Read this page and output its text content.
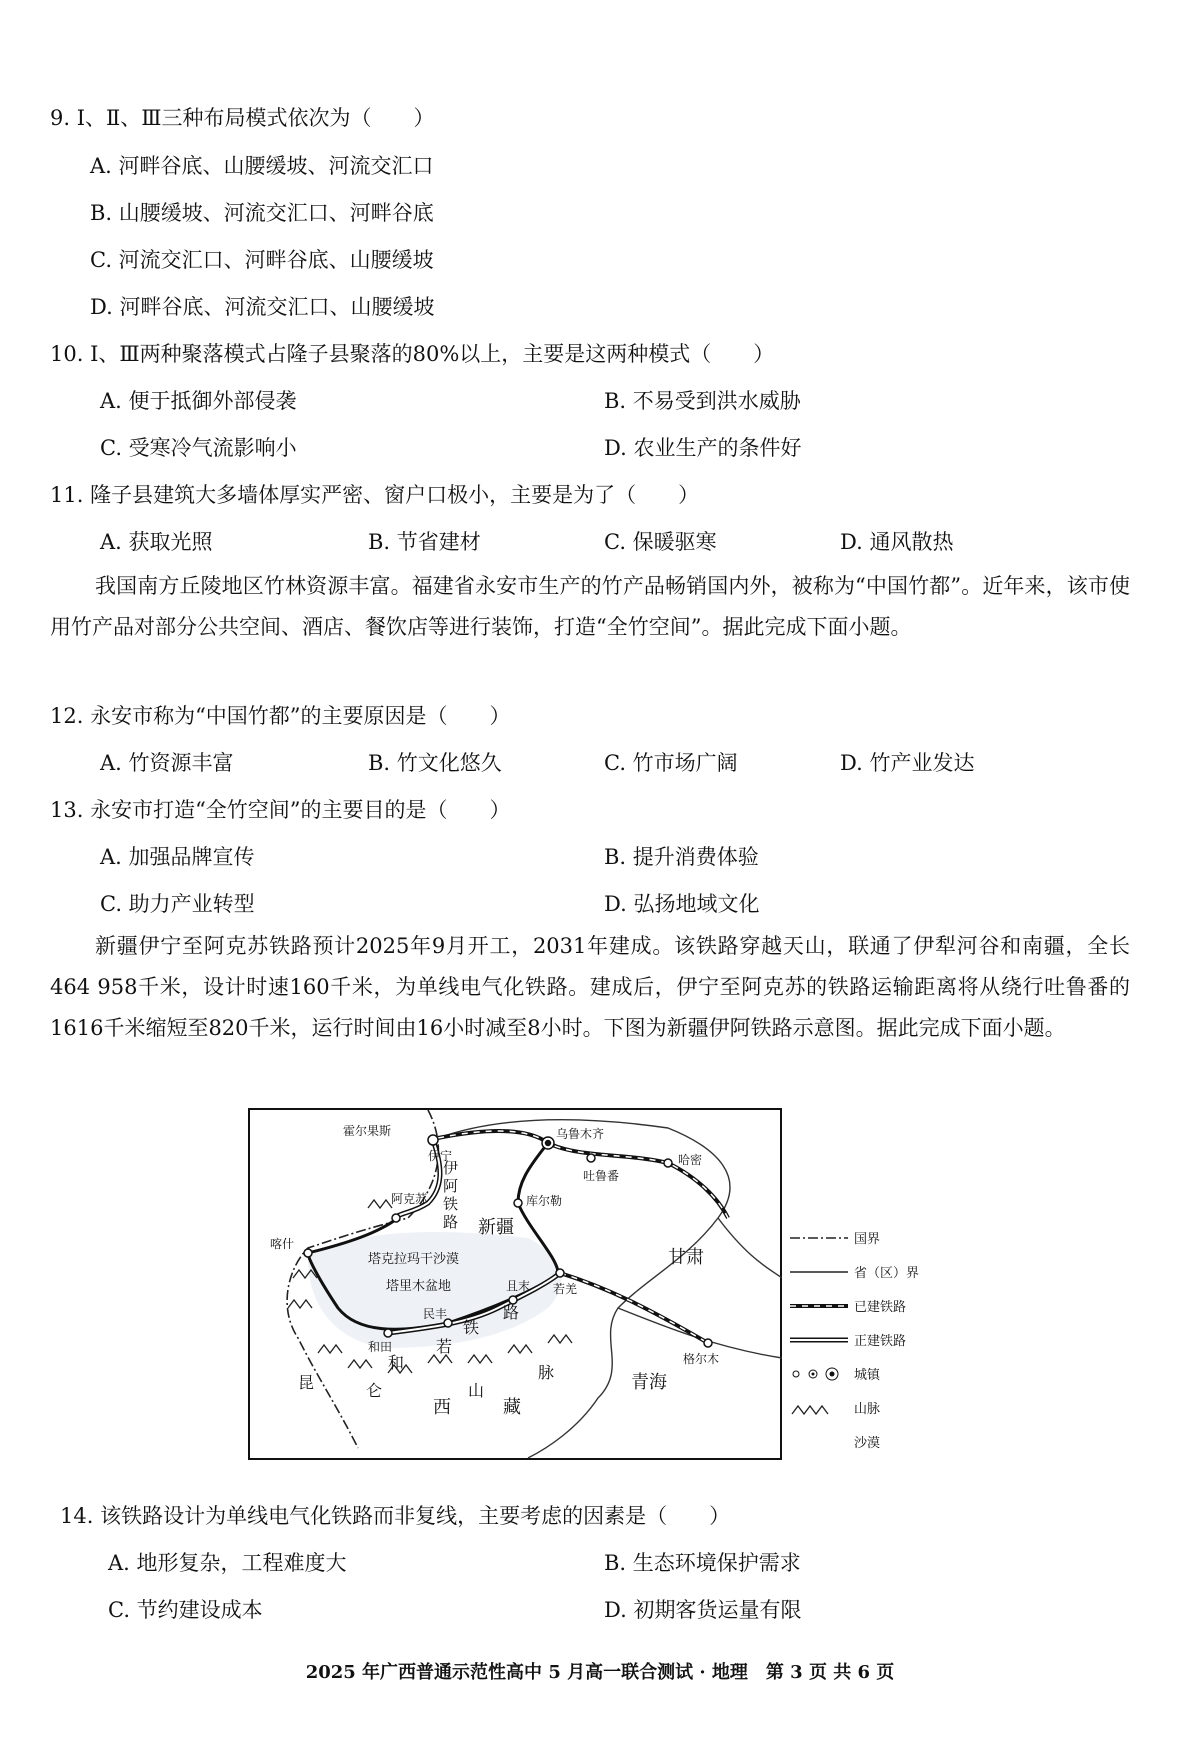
9. Ⅰ、Ⅱ、Ⅲ三种布局模式依次为（　　）
A. 河畔谷底、山腰缓坡、河流交汇口
B. 山腰缓坡、河流交汇口、河畔谷底
C. 河流交汇口、河畔谷底、山腰缓坡
D. 河畔谷底、河流交汇口、山腰缓坡
10. Ⅰ、Ⅲ两种聚落模式占隆子县聚落的80%以上，主要是这两种模式（　　）
A. 便于抵御外部侵袭	B. 不易受到洪水威胁
C. 受寒冷气流影响小	D. 农业生产的条件好
11. 隆子县建筑大多墙体厚实严密、窗户口极小，主要是为了（　　）
A. 获取光照	B. 节省建材	C. 保暖驱寒	D. 通风散热
我国南方丘陵地区竹林资源丰富。福建省永安市生产的竹产品畅销国内外，被称为“中国竹都”。近年来，该市使用竹产品对部分公共空间、酒店、餐饮店等进行装饰，打造“全竹空间”。据此完成下面小题。
12. 永安市称为“中国竹都”的主要原因是（　　）
A. 竹资源丰富	B. 竹文化悠久	C. 竹市场广阔	D. 竹产业发达
13. 永安市打造“全竹空间”的主要目的是（　　）
A. 加强品牌宣传	B. 提升消费体验
C. 助力产业转型	D. 弘扬地域文化
新疆伊宁至阿克苏铁路预计2025年9月开工，2031年建成。该铁路穿越天山，联通了伊犁河谷和南疆，全长464 958千米，设计时速160千米，为单线电气化铁路。建成后，伊宁至阿克苏的铁路运输距离将从绕行吐鲁番的1616千米缩短至820千米，运行时间由16小时减至8小时。下图为新疆伊阿铁路示意图。据此完成下面小题。
霍尔果斯
伊宁
乌鲁木齐
吐鲁番
哈密
库尔勒
阿克苏
喀什
且末 若羌
民丰
和田
格尔木
新疆
甘肃
青海
西	藏
塔克拉玛干沙漠
塔里木盆地
伊
阿
铁
路
和
若
铁
路
昆	仑	山
脉
国界
省（区）界
已建铁路
正建铁路
城镇
山脉
沙漠
14. 该铁路设计为单线电气化铁路而非复线，主要考虑的因素是（　　）
A. 地形复杂，工程难度大	B. 生态环境保护需求
C. 节约建设成本	D. 初期客货运量有限
2025 年广西普通示范性高中 5 月高一联合测试 · 地理　第 3 页 共 6 页
